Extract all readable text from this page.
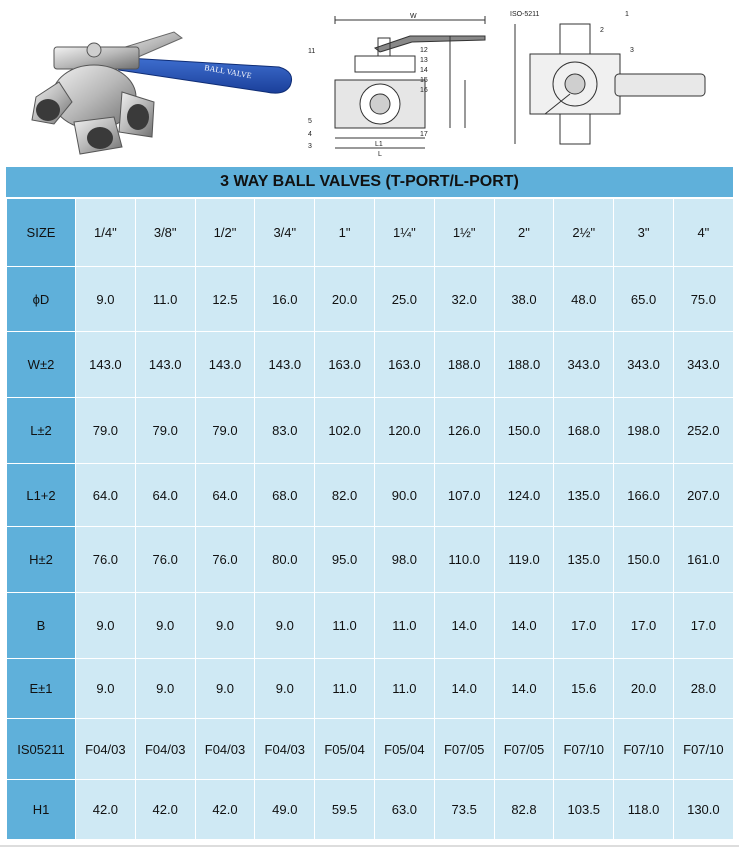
BALL VALVE
W
11	12
13
14
15
16
17
5
4
3	L1
L
ISO-5211	1
2
3
3 WAY BALL VALVES (T-PORT/L-PORT)
SIZE	1/4"	3/8"	1/2"	3/4"	1"	1¼"	1½"	2"	2½"	3"	4"
ϕD	9.0	11.0	12.5	16.0	20.0	25.0	32.0	38.0	48.0	65.0	75.0
W±2	143.0	143.0	143.0	143.0	163.0	163.0	188.0	188.0	343.0	343.0	343.0
L±2	79.0	79.0	79.0	83.0	102.0	120.0	126.0	150.0	168.0	198.0	252.0
L1+2	64.0	64.0	64.0	68.0	82.0	90.0	107.0	124.0	135.0	166.0	207.0
H±2	76.0	76.0	76.0	80.0	95.0	98.0	110.0	119.0	135.0	150.0	161.0
B	9.0	9.0	9.0	9.0	11.0	11.0	14.0	14.0	17.0	17.0	17.0
E±1	9.0	9.0	9.0	9.0	11.0	11.0	14.0	14.0	15.6	20.0	28.0
IS05211	F04/03	F04/03	F04/03	F04/03	F05/04	F05/04	F07/05	F07/05	F07/10	F07/10	F07/10
H1	42.0	42.0	42.0	49.0	59.5	63.0	73.5	82.8	103.5	118.0	130.0
